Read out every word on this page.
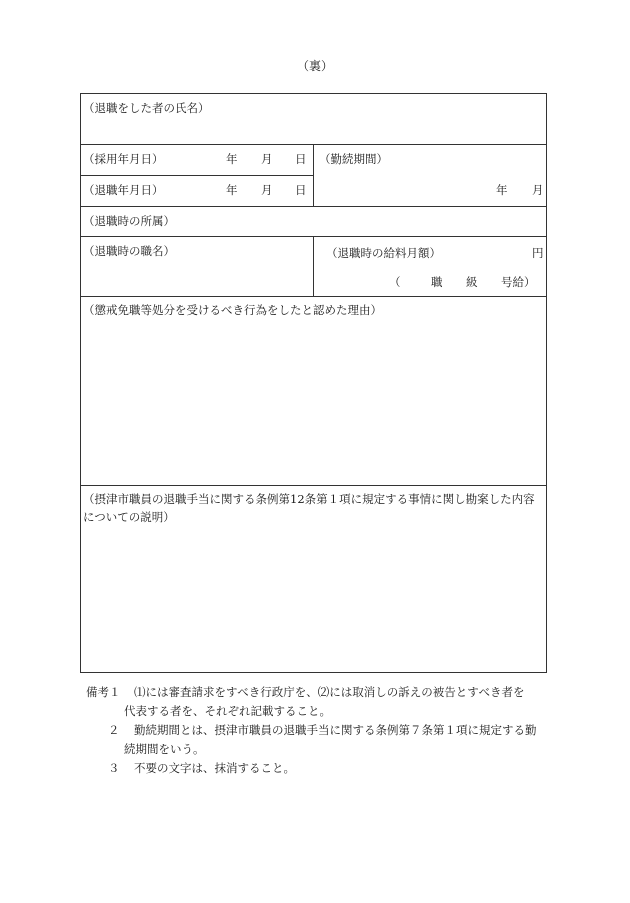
（裏）
（退職をした者の氏名）
（採用年月日）	年 月 日
（退職年月日）	年 月 日
（勤続期間）
年 月
（退職時の所属）
（退職時の職名）	（退職時の給料月額）	円
（	職 級 号給）
（懲戒免職等処分を受けるべき行為をしたと認めた理由）
（摂津市職員の退職手当に関する条例第12条第１項に規定する事情に関し勘案した内容についての説明）
備考１ ⑴には審査請求をすべき行政庁を、⑵には取消しの訴えの被告とすべき者を
代表する者を、それぞれ記載すること。
２ 勤続期間とは、摂津市職員の退職手当に関する条例第７条第１項に規定する勤
続期間をいう。
３ 不要の文字は、抹消すること。
